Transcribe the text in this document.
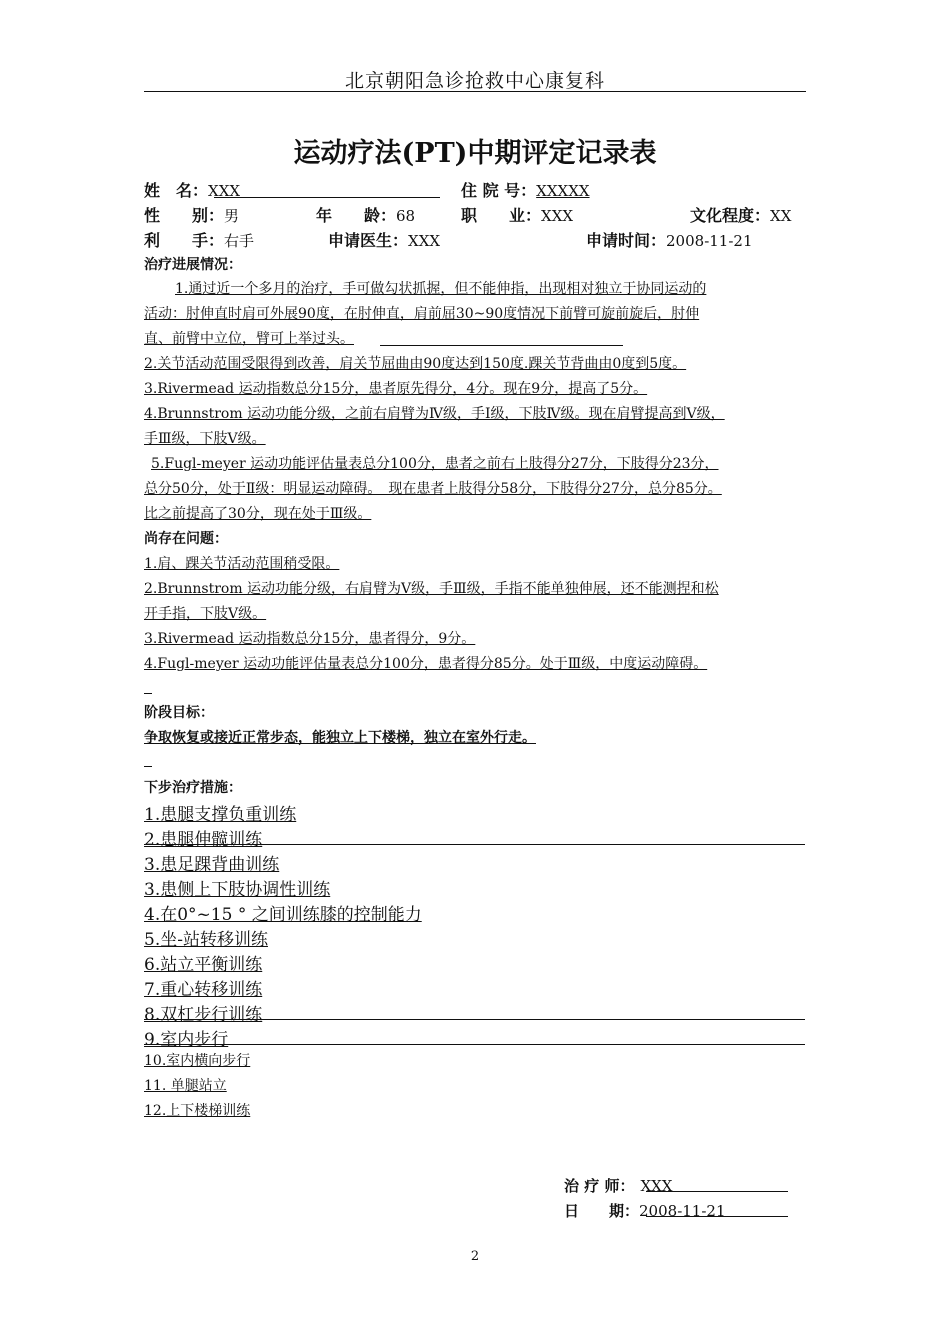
北京朝阳急诊抢救中心康复科
运动疗法(PT)中期评定记录表
姓　名：XXX	住 院 号：XXXXX
性　　别：男	年　　龄：68	职　　业：XXX	文化程度：XX
利　　手：右手	申请医生：XXX	申请时间：2008-11-21
治疗进展情况：
1.通过近一个多月的治疗，手可做勾状抓握，但不能伸指，出现相对独立于协同运动的
活动：肘伸直时肩可外展90度，在肘伸直，肩前屈30~90度情况下前臂可旋前旋后，肘伸
直、前臂中立位，臂可上举过头。
2.关节活动范围受限得到改善，肩关节屈曲由90度达到150度.踝关节背曲由0度到5度。
3.Rivermead 运动指数总分15分，患者原先得分，4分。现在9分，提高了5分。
4.Brunnstrom 运动功能分级，之前右肩臂为Ⅳ级，手Ⅰ级，下肢Ⅳ级。现在肩臂提高到Ⅴ级，
手Ⅲ级，下肢Ⅴ级。
5.Fugl-meyer 运动功能评估量表总分100分，患者之前右上肢得分27分，下肢得分23分，
总分50分，处于Ⅱ级：明显运动障碍。　现在患者上肢得分58分，下肢得分27分，总分85分。
比之前提高了30分，现在处于Ⅲ级。
尚存在问题：
1.肩、踝关节活动范围稍受限。
2.Brunnstrom 运动功能分级，右肩臂为Ⅴ级，手Ⅲ级，手指不能单独伸展，还不能测捏和松
开手指，下肢Ⅴ级。
3.Rivermead 运动指数总分15分，患者得分，9分。
4.Fugl-meyer 运动功能评估量表总分100分，患者得分85分。处于Ⅲ级，中度运动障碍。
阶段目标：
争取恢复或接近正常步态，能独立上下楼梯，独立在室外行走。
下步治疗措施：
1.患腿支撑负重训练
2.患腿伸髋训练
3.患足踝背曲训练
3.患侧上下肢协调性训练
4.在0°~15 ° 之间训练膝的控制能力
5.坐-站转移训练
6.站立平衡训练
7.重心转移训练
8.双杠步行训练
9.室内步行
10.室内横向步行
11. 单腿站立
12.上下楼梯训练
治 疗 师： XXX
日　　期：2008-11-21
2
